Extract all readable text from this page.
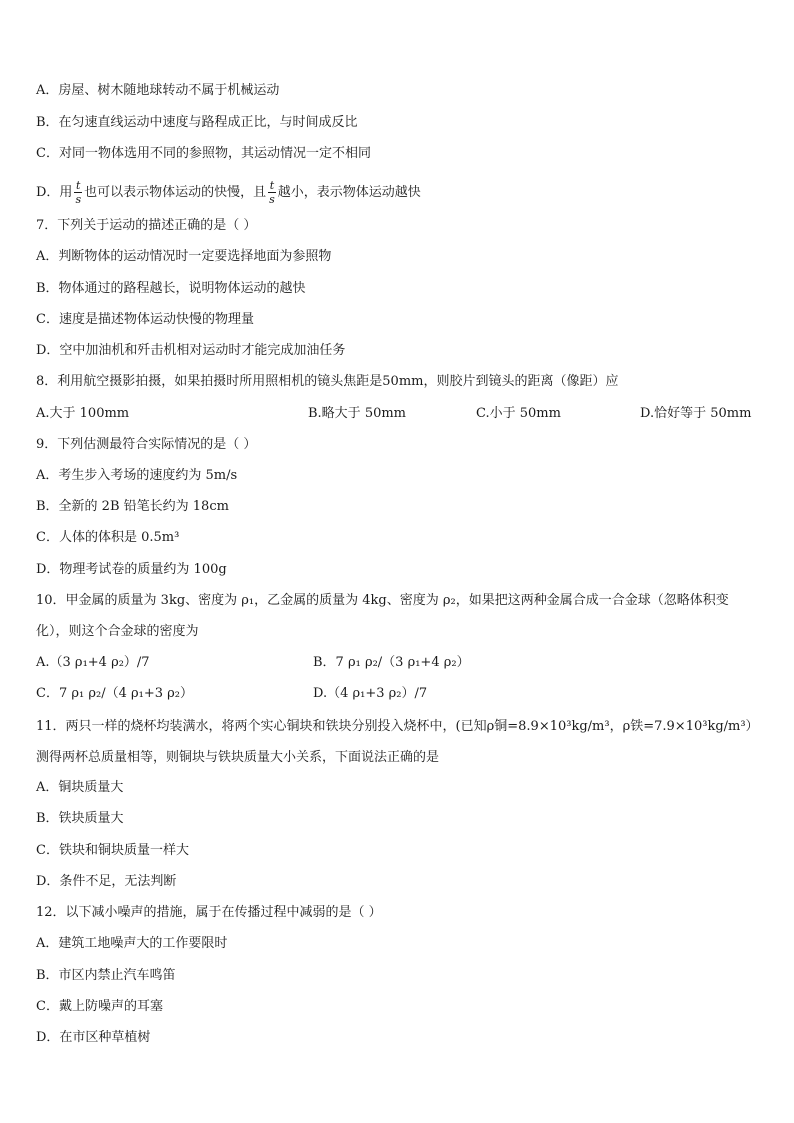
A．房屋、树木随地球转动不属于机械运动
B．在匀速直线运动中速度与路程成正比，与时间成反比
C．对同一物体选用不同的参照物，其运动情况一定不相同
D．用 $\frac{t}{s}$ 也可以表示物体运动的快慢，且 $\frac{t}{s}$ 越小，表示物体运动越快
7．下列关于运动的描述正确的是（ ）
A．判断物体的运动情况时一定要选择地面为参照物
B．物体通过的路程越长，说明物体运动的越快
C．速度是描述物体运动快慢的物理量
D．空中加油机和歼击机相对运动时才能完成加油任务
8．利用航空摄影拍摄，如果拍摄时所用照相机的镜头焦距是50mm，则胶片到镜头的距离（像距）应
A.大于 100mm	B.略大于 50mm	C.小于 50mm	D.恰好等于 50mm
9．下列估测最符合实际情况的是（ ）
A．考生步入考场的速度约为 5m/s
B．全新的 2B 铅笔长约为 18cm
C．人体的体积是 0.5m³
D．物理考试卷的质量约为 100g
10．甲金属的质量为 3kg、密度为 ρ₁，乙金属的质量为 4kg、密度为 ρ₂，如果把这两种金属合成一合金球（忽略体积变化），则这个合金球的密度为
A.（3 ρ₁+4 ρ₂）/7	B．7 ρ₁ ρ₂/（3 ρ₁+4 ρ₂）
C．7 ρ₁ ρ₂/（4 ρ₁+3 ρ₂）	D.（4 ρ₁+3 ρ₂）/7
11．两只一样的烧杯均装满水，将两个实心铜块和铁块分别投入烧杯中，(已知ρ铜=8.9×10³kg/m³，ρ铁=7.9×10³kg/m³）测得两杯总质量相等，则铜块与铁块质量大小关系，下面说法正确的是
A．铜块质量大
B．铁块质量大
C．铁块和铜块质量一样大
D．条件不足，无法判断
12．以下减小噪声的措施，属于在传播过程中减弱的是（ ）
A．建筑工地噪声大的工作要限时
B．市区内禁止汽车鸣笛
C．戴上防噪声的耳塞
D．在市区种草植树
